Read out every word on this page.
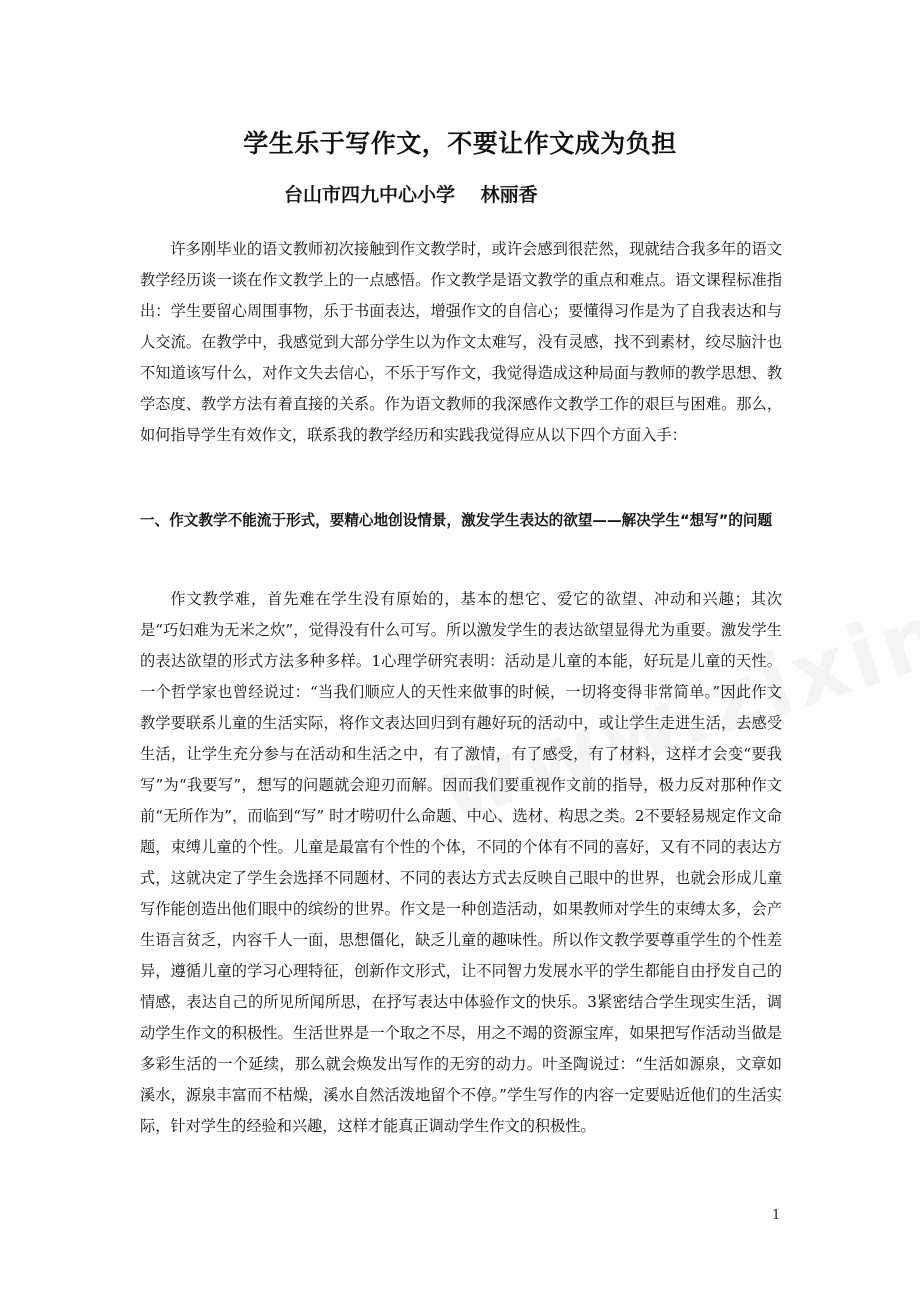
学生乐于写作文，不要让作文成为负担
台山市四九中心小学　 林丽香

许多刚毕业的语文教师初次接触到作文教学时，或许会感到很茫然，现就结合我多年的语文教学经历谈一谈在作文教学上的一点感悟。作文教学是语文教学的重点和难点。语文课程标准指出：学生要留心周围事物，乐于书面表达，增强作文的自信心；要懂得习作是为了自我表达和与人交流。在教学中，我感觉到大部分学生以为作文太难写，没有灵感，找不到素材，绞尽脑汁也不知道该写什么，对作文失去信心，不乐于写作文，我觉得造成这种局面与教师的教学思想、教学态度、教学方法有着直接的关系。作为语文教师的我深感作文教学工作的艰巨与困难。那么，如何指导学生有效作文，联系我的教学经历和实践我觉得应从以下四个方面入手：

一、作文教学不能流于形式，要精心地创设情景，激发学生表达的欲望——解决学生“想写”的问题

作文教学难，首先难在学生没有原始的，基本的想它、爱它的欲望、冲动和兴趣；其次是“巧妇难为无米之炊”，觉得没有什么可写。所以激发学生的表达欲望显得尤为重要。激发学生的表达欲望的形式方法多种多样。1心理学研究表明：活动是儿童的本能，好玩是儿童的天性。一个哲学家也曾经说过：“当我们顺应人的天性来做事的时候，一切将变得非常简单。”因此作文教学要联系儿童的生活实际，将作文表达回归到有趣好玩的活动中，或让学生走进生活，去感受生活，让学生充分参与在活动和生活之中，有了激情，有了感受，有了材料，这样才会变“要我写”为“我要写”，想写的问题就会迎刃而解。因而我们要重视作文前的指导，极力反对那种作文前“无所作为”，而临到“写” 时才唠叨什么命题、中心、选材、构思之类。2不要轻易规定作文命题，束缚儿童的个性。儿童是最富有个性的个体，不同的个体有不同的喜好，又有不同的表达方式，这就决定了学生会选择不同题材、不同的表达方式去反映自己眼中的世界，也就会形成儿童写作能创造出他们眼中的缤纷的世界。作文是一种创造活动，如果教师对学生的束缚太多，会产生语言贫乏，内容千人一面，思想僵化，缺乏儿童的趣味性。所以作文教学要尊重学生的个性差异，遵循儿童的学习心理特征，创新作文形式，让不同智力发展水平的学生都能自由抒发自己的情感，表达自己的所见所闻所思，在抒写表达中体验作文的快乐。3紧密结合学生现实生活，调动学生作文的积极性。生活世界是一个取之不尽，用之不竭的资源宝库，如果把写作活动当做是多彩生活的一个延续，那么就会焕发出写作的无穷的动力。叶圣陶说过：“生活如源泉，文章如溪水，源泉丰富而不枯燥，溪水自然活泼地留个不停。”学生写作的内容一定要贴近他们的生活实际，针对学生的经验和兴趣，这样才能真正调动学生作文的积极性。

1
